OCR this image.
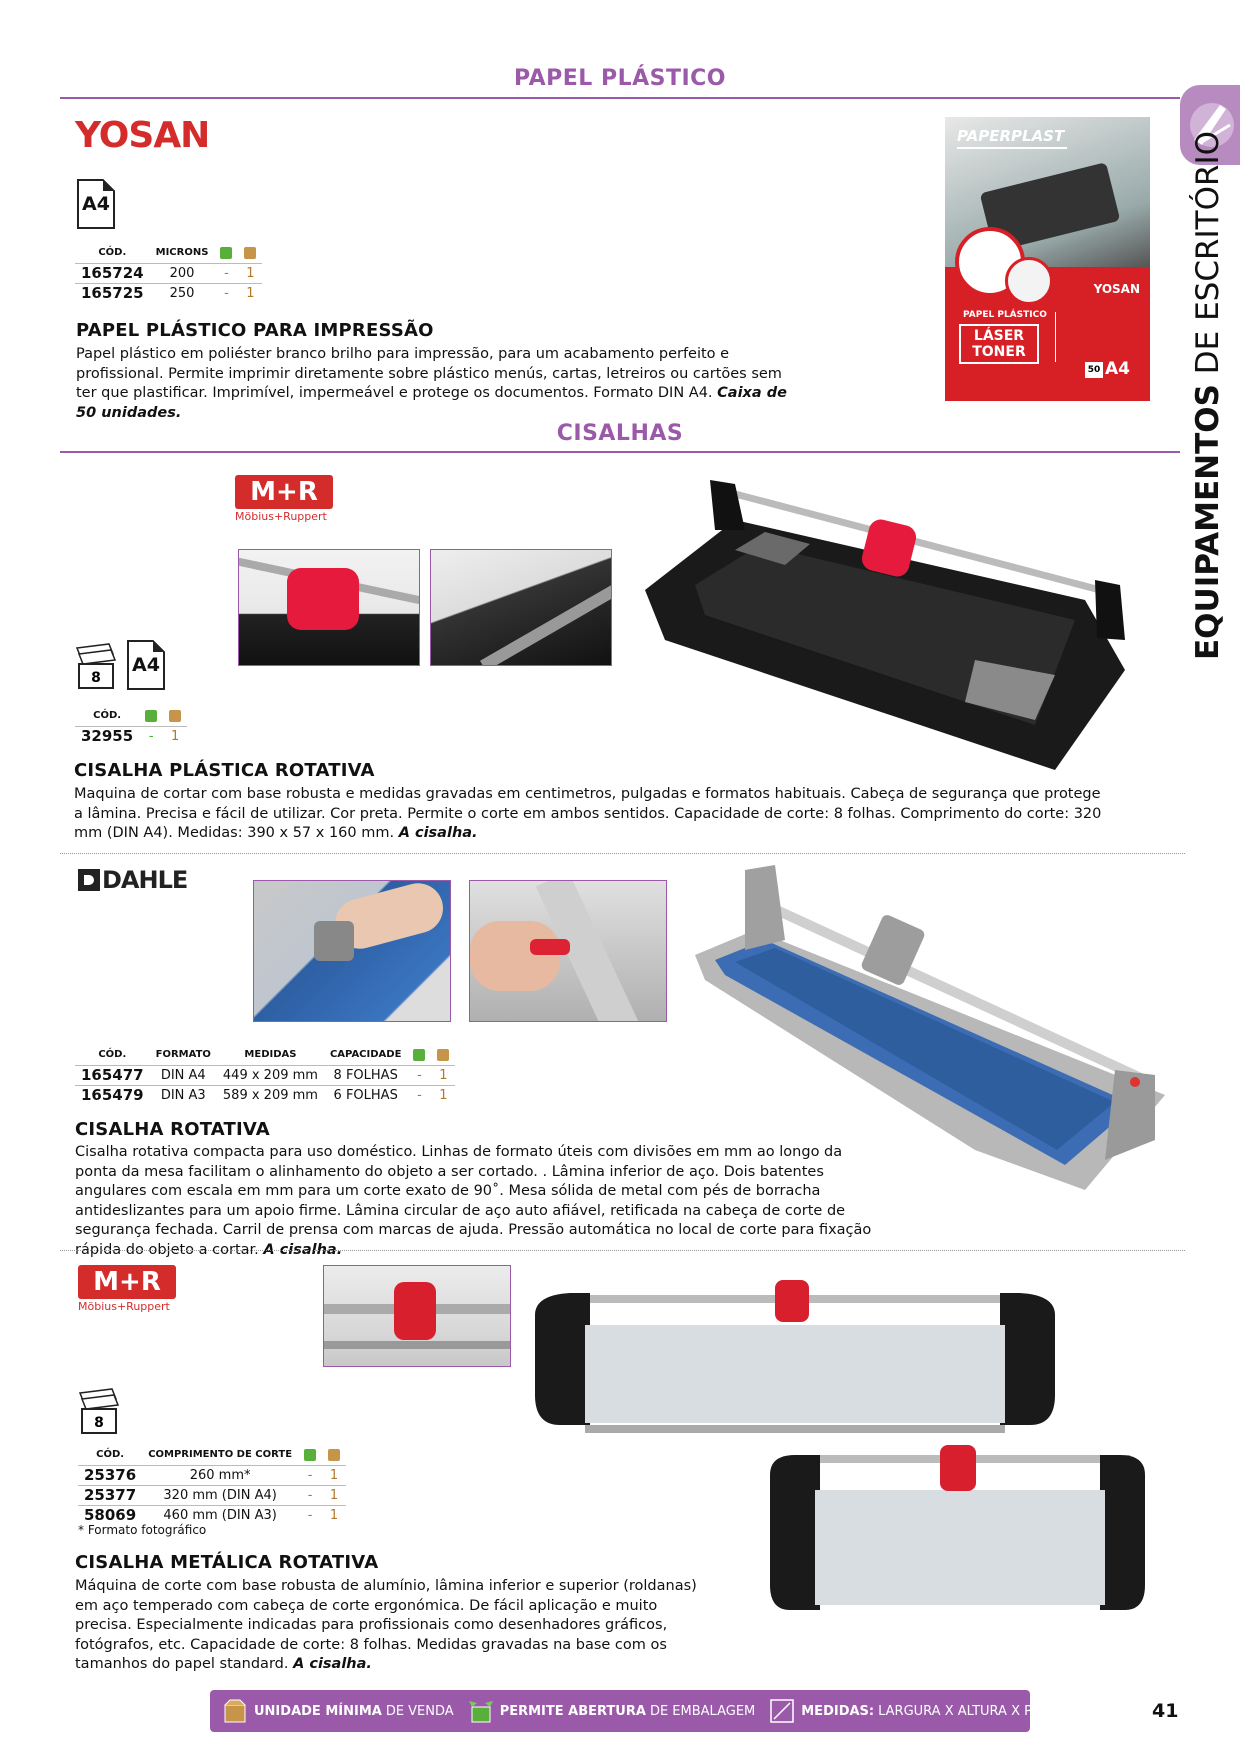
PAPEL PLÁSTICO
EQUIPAMENTOS DE ESCRITÓRIO
YOSAN
A4
CÓD.	MICRONS		
165724	200	-	1
165725	250	-	1
PAPEL PLÁSTICO PARA IMPRESSÃO
Papel plástico em poliéster branco brilho para impressão, para um acabamento perfeito e profissional. Permite imprimir diretamente sobre plástico menús, cartas, letreiros ou cartões sem ter que plastificar. Imprimível, impermeável e protege os documentos. Formato DIN A4. Caixa de 50 unidades.
PAPERPLAST
YOSAN
PAPEL PLÁSTICO
LÁSER
TONER
50 A4
CISALHAS
M+R
Möbius+Ruppert
8
A4
CÓD.		
32955	-	1
CISALHA PLÁSTICA ROTATIVA
Maquina de cortar com base robusta e medidas gravadas em centimetros, pulgadas e formatos habituais. Cabeça de segurança que protege a lâmina. Precisa e fácil de utilizar. Cor preta. Permite o corte em ambos sentidos. Capacidade de corte: 8 folhas. Comprimento do corte: 320 mm (DIN A4). Medidas: 390 x 57 x 160 mm. A cisalha.
DAHLE
CÓD.	FORMATO	MEDIDAS	CAPACIDADE		
165477	DIN A4	449 x 209 mm	8 FOLHAS	-	1
165479	DIN A3	589 x 209 mm	6 FOLHAS	-	1
CISALHA ROTATIVA
Cisalha rotativa compacta para uso doméstico. Linhas de formato úteis com divisões em mm ao longo da ponta da mesa facilitam o alinhamento do objeto a ser cortado. . Lâmina inferior de aço. Dois batentes angulares com escala em mm para um corte exato de 90˚. Mesa sólida de metal com pés de borracha antideslizantes para um apoio firme. Lâmina circular de aço auto afiável, retificada na cabeça de corte de segurança fechada. Carril de prensa com marcas de ajuda. Pressão automática no local de corte para fixação rápida do objeto a cortar. A cisalha.
M+R
Möbius+Ruppert
8
CÓD.	COMPRIMENTO DE CORTE		
25376	260 mm*	-	1
25377	320 mm (DIN A4)	-	1
58069	460 mm (DIN A3)	-	1
* Formato fotográfico
CISALHA METÁLICA ROTATIVA
Máquina de corte com base robusta de alumínio, lâmina inferior e superior (roldanas) em aço temperado com cabeça de corte ergonómica. De fácil aplicação e muito precisa. Especialmente indicadas para profissionais como desenhadores gráficos, fotógrafos, etc. Capacidade de corte: 8 folhas. Medidas gravadas na base com os tamanhos do papel standard. A cisalha.
UNIDADE MÍNIMA DE VENDA	PERMITE ABERTURA DE EMBALAGEM	MEDIDAS: LARGURA X ALTURA X PROFUNDIDADE 41
